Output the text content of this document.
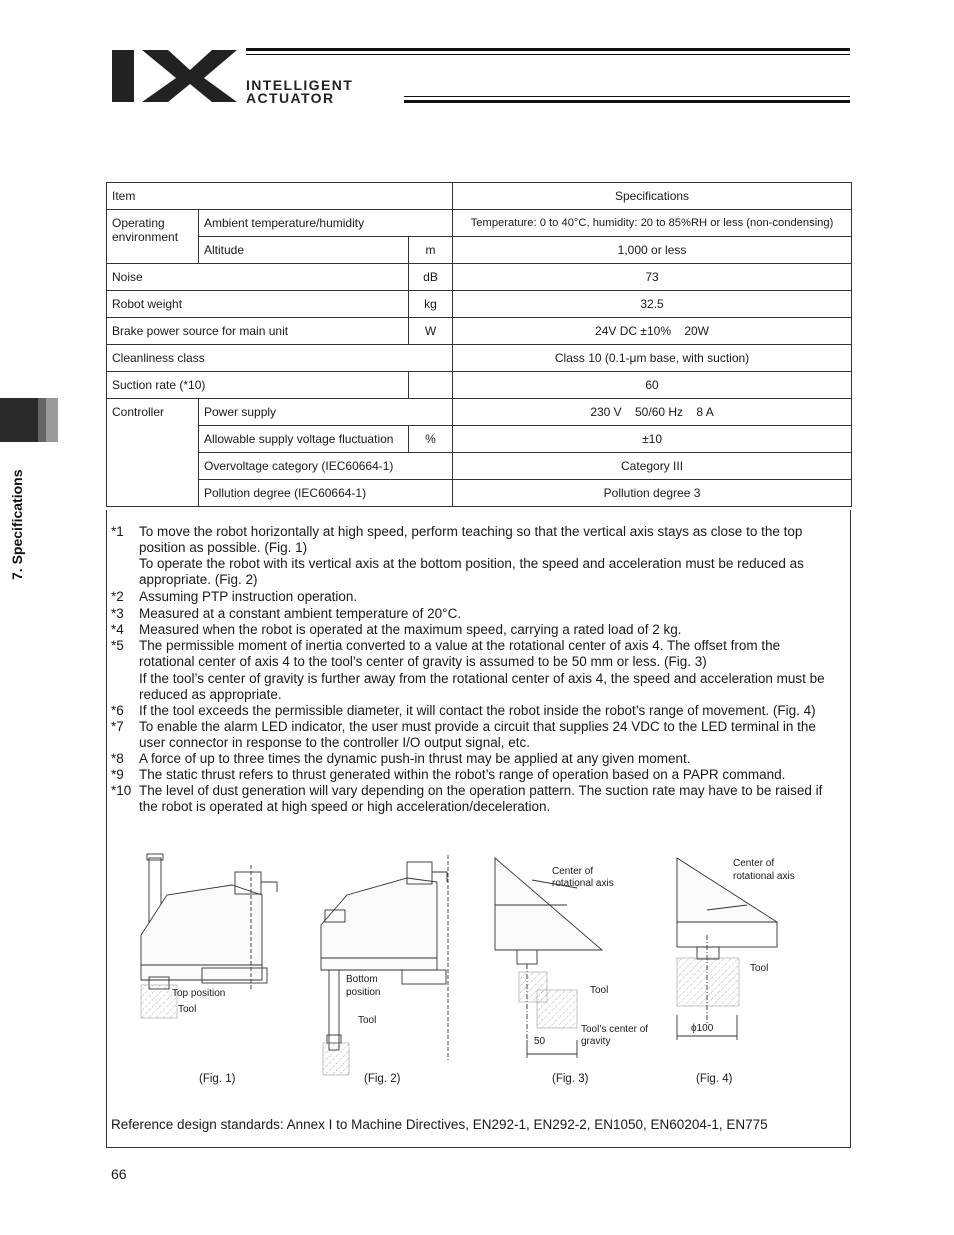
INTELLIGENT
ACTUATOR
7. Specifications
Item			Specifications
Operating environment	Ambient temperature/humidity		Temperature: 0 to 40°C, humidity: 20 to 85%RH or less (non-condensing)
	Altitude	m	1,000 or less
Noise		dB	73
Robot weight		kg	32.5
Brake power source for main unit		W	24V DC ±10%    20W
Cleanliness class			Class 10 (0.1-μm base, with suction)
Suction rate (*10)			60
Controller	Power supply		230 V    50/60 Hz    8 A
	Allowable supply voltage fluctuation	%	±10
	Overvoltage category (IEC60664-1)		Category III
	Pollution degree (IEC60664-1)		Pollution degree 3
*1 To move the robot horizontally at high speed, perform teaching so that the vertical axis stays as close to the top
position as possible. (Fig. 1)
To operate the robot with its vertical axis at the bottom position, the speed and acceleration must be reduced as
appropriate. (Fig. 2)
*2 Assuming PTP instruction operation.
*3 Measured at a constant ambient temperature of 20°C.
*4 Measured when the robot is operated at the maximum speed, carrying a rated load of 2 kg.
*5 The permissible moment of inertia converted to a value at the rotational center of axis 4. The offset from the
rotational center of axis 4 to the tool’s center of gravity is assumed to be 50 mm or less. (Fig. 3)
If the tool’s center of gravity is further away from the rotational center of axis 4, the speed and acceleration must be
reduced as appropriate.
*6 If the tool exceeds the permissible diameter, it will contact the robot inside the robot’s range of movement. (Fig. 4)
*7 To enable the alarm LED indicator, the user must provide a circuit that supplies 24 VDC to the LED terminal in the
user connector in response to the controller I/O output signal, etc.
*8 A force of up to three times the dynamic push-in thrust may be applied at any given moment.
*9 The static thrust refers to thrust generated within the robot’s range of operation based on a PAPR command.
*10 The level of dust generation will vary depending on the operation pattern. The suction rate may have to be raised if
the robot is operated at high speed or high acceleration/deceleration.
Top position
Tool
(Fig. 1)
Bottom
position
Tool
(Fig. 2)
Center of
rotational axis
Tool
Tool’s center of
gravity
50
(Fig. 3)
Center of
rotational axis
Tool
ϕ100
(Fig. 4)
Reference design standards: Annex I to Machine Directives, EN292-1, EN292-2, EN1050, EN60204-1, EN775
66
